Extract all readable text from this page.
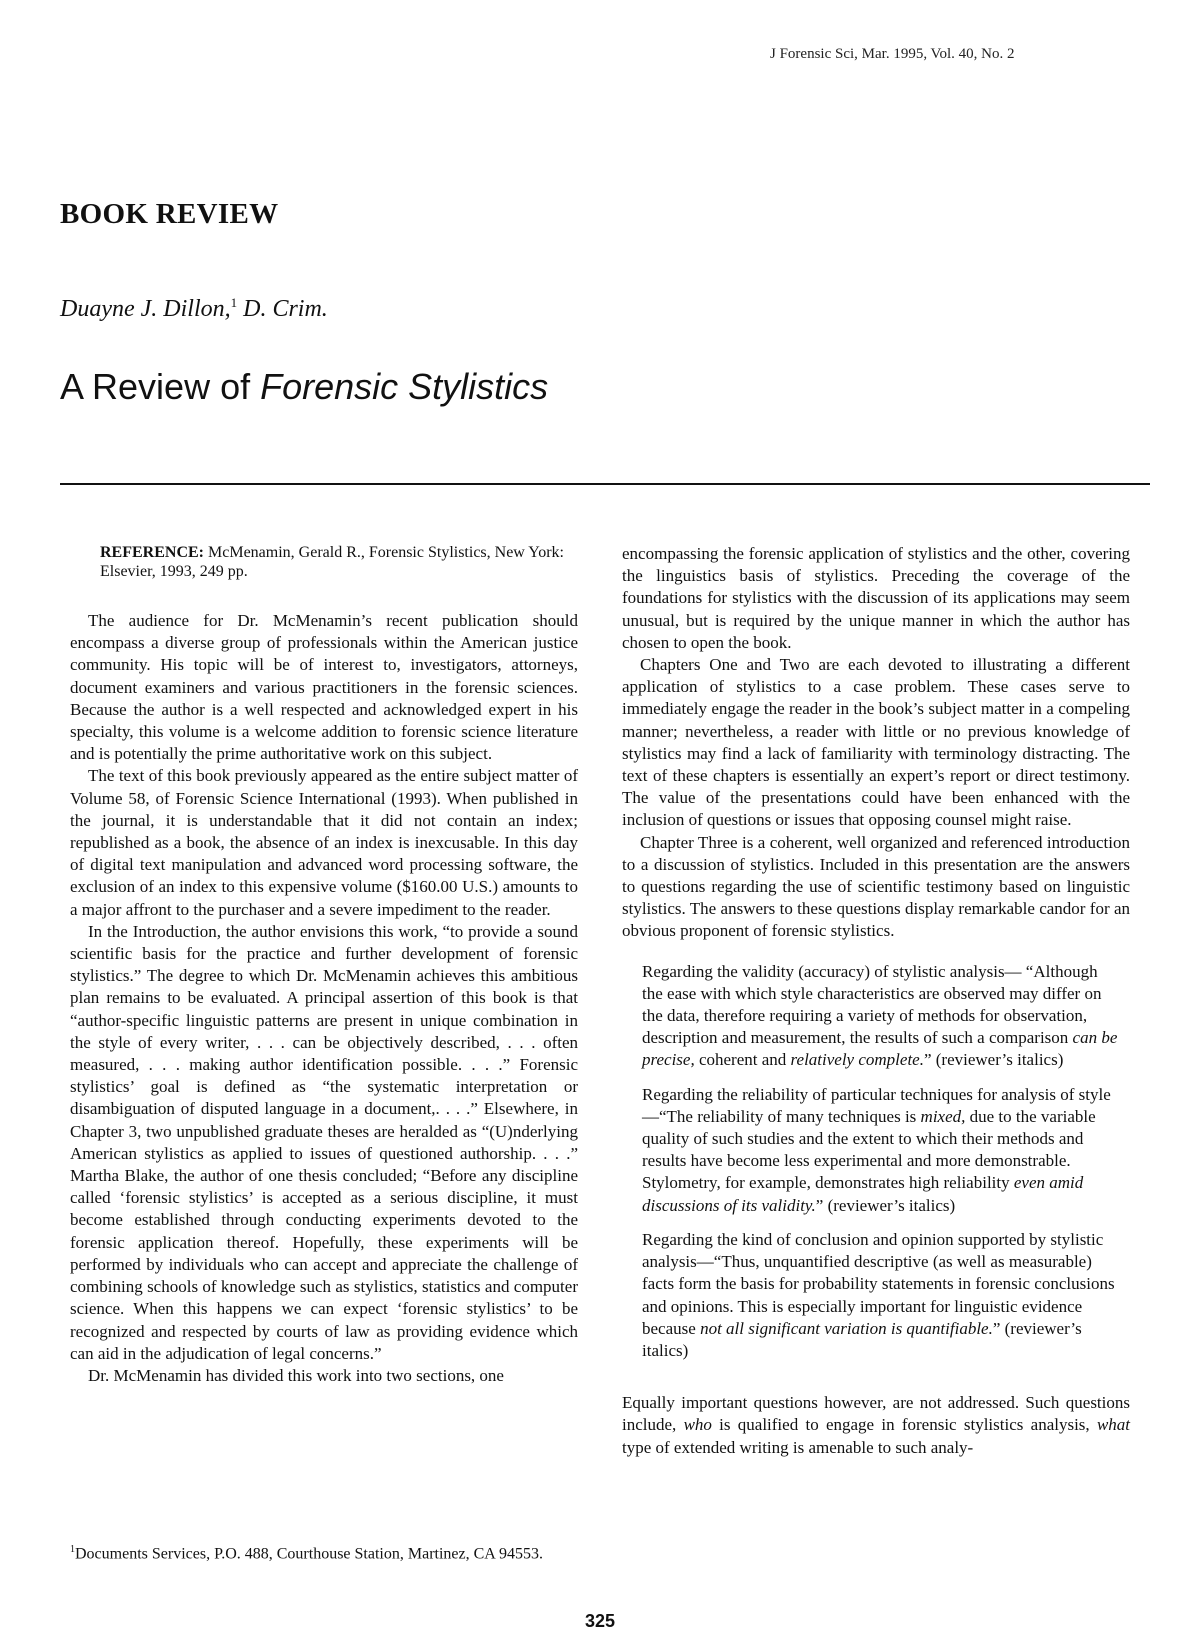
J Forensic Sci, Mar. 1995, Vol. 40, No. 2
BOOK REVIEW
Duayne J. Dillon,$^1$ D. Crim.
A Review of Forensic Stylistics

REFERENCE: McMenamin, Gerald R., Forensic Stylistics, New York: Elsevier, 1993, 249 pp.

The audience for Dr. McMenamin’s recent publication should encompass a diverse group of professionals within the American justice community. His topic will be of interest to, investigators, attorneys, document examiners and various practitioners in the forensic sciences. Because the author is a well respected and acknowledged expert in his specialty, this volume is a welcome addition to forensic science literature and is potentially the prime authoritative work on this subject.

The text of this book previously appeared as the entire subject matter of Volume 58, of Forensic Science International (1993). When published in the journal, it is understandable that it did not contain an index; republished as a book, the absence of an index is inexcusable. In this day of digital text manipulation and advanced word processing software, the exclusion of an index to this expensive volume ($160.00 U.S.) amounts to a major affront to the purchaser and a severe impediment to the reader.

In the Introduction, the author envisions this work, “to provide a sound scientific basis for the practice and further development of forensic stylistics.” The degree to which Dr. McMenamin achieves this ambitious plan remains to be evaluated. A principal assertion of this book is that “author-specific linguistic patterns are present in unique combination in the style of every writer, . . . can be objectively described, . . . often measured, . . . making author identification possible. . . .” Forensic stylistics’ goal is defined as “the systematic interpretation or disambiguation of disputed language in a document,. . . .” Elsewhere, in Chapter 3, two unpublished graduate theses are heralded as “(U)nderlying American stylistics as applied to issues of questioned authorship. . . .” Martha Blake, the author of one thesis concluded; “Before any discipline called ‘forensic stylistics’ is accepted as a serious discipline, it must become established through conducting experiments devoted to the forensic application thereof. Hopefully, these experiments will be performed by individuals who can accept and appreciate the challenge of combining schools of knowledge such as stylistics, statistics and computer science. When this happens we can expect ‘forensic stylistics’ to be recognized and respected by courts of law as providing evidence which can aid in the adjudication of legal concerns.”

Dr. McMenamin has divided this work into two sections, one

encompassing the forensic application of stylistics and the other, covering the linguistics basis of stylistics. Preceding the coverage of the foundations for stylistics with the discussion of its applications may seem unusual, but is required by the unique manner in which the author has chosen to open the book.

Chapters One and Two are each devoted to illustrating a different application of stylistics to a case problem. These cases serve to immediately engage the reader in the book’s subject matter in a compeling manner; nevertheless, a reader with little or no previous knowledge of stylistics may find a lack of familiarity with terminology distracting. The text of these chapters is essentially an expert’s report or direct testimony. The value of the presentations could have been enhanced with the inclusion of questions or issues that opposing counsel might raise.

Chapter Three is a coherent, well organized and referenced introduction to a discussion of stylistics. Included in this presentation are the answers to questions regarding the use of scientific testimony based on linguistic stylistics. The answers to these questions display remarkable candor for an obvious proponent of forensic stylistics.

Regarding the validity (accuracy) of stylistic analysis— “Although the ease with which style characteristics are observed may differ on the data, therefore requiring a variety of methods for observation, description and measurement, the results of such a comparison can be precise, coherent and relatively complete.” (reviewer’s italics)

Regarding the reliability of particular techniques for analysis of style—“The reliability of many techniques is mixed, due to the variable quality of such studies and the extent to which their methods and results have become less experimental and more demonstrable. Stylometry, for example, demonstrates high reliability even amid discussions of its validity.” (reviewer’s italics)

Regarding the kind of conclusion and opinion supported by stylistic analysis—“Thus, unquantified descriptive (as well as measurable) facts form the basis for probability statements in forensic conclusions and opinions. This is especially important for linguistic evidence because not all significant variation is quantifiable.” (reviewer’s italics)

Equally important questions however, are not addressed. Such questions include, who is qualified to engage in forensic stylistics analysis, what type of extended writing is amenable to such analy-

$^1$Documents Services, P.O. 488, Courthouse Station, Martinez, CA 94553.
325
